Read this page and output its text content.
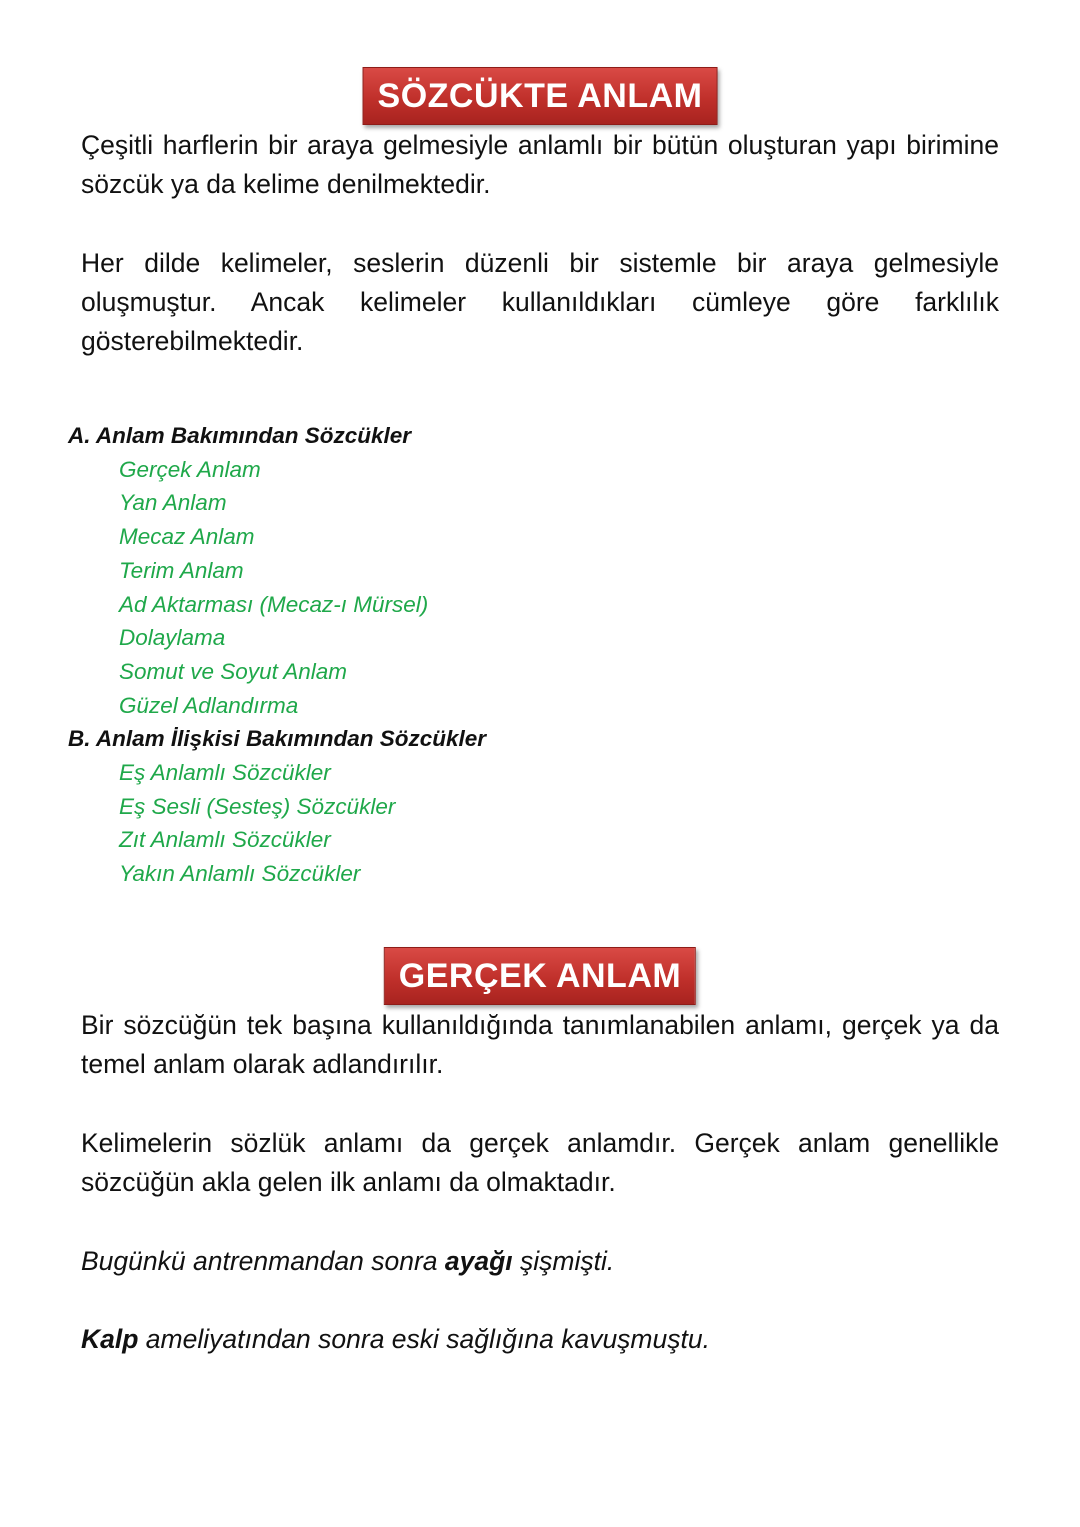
SÖZCÜKTE ANLAM

Çeşitli harflerin bir araya gelmesiyle anlamlı bir bütün oluşturan yapı birimine sözcük ya da kelime denilmektedir.

Her dilde kelimeler, seslerin düzenli bir sistemle bir araya gelmesiyle oluşmuştur. Ancak kelimeler kullanıldıkları cümleye göre farklılık gösterebilmektedir.

A. Anlam Bakımından Sözcükler

Gerçek Anlam
Yan Anlam
Mecaz Anlam
Terim Anlam
Ad Aktarması (Mecaz-ı Mürsel)
Dolaylama
Somut ve Soyut Anlam
Güzel Adlandırma

B. Anlam İlişkisi Bakımından Sözcükler

Eş Anlamlı Sözcükler
Eş Sesli (Sesteş) Sözcükler
Zıt Anlamlı Sözcükler
Yakın Anlamlı Sözcükler
GERÇEK ANLAM

Bir sözcüğün tek başına kullanıldığında tanımlanabilen anlamı, gerçek ya da temel anlam olarak adlandırılır.

Kelimelerin sözlük anlamı da gerçek anlamdır. Gerçek anlam genellikle sözcüğün akla gelen ilk anlamı da olmaktadır.

Bugünkü antrenmandan sonra ayağı şişmişti.

Kalp ameliyatından sonra eski sağlığına kavuşmuştu.
